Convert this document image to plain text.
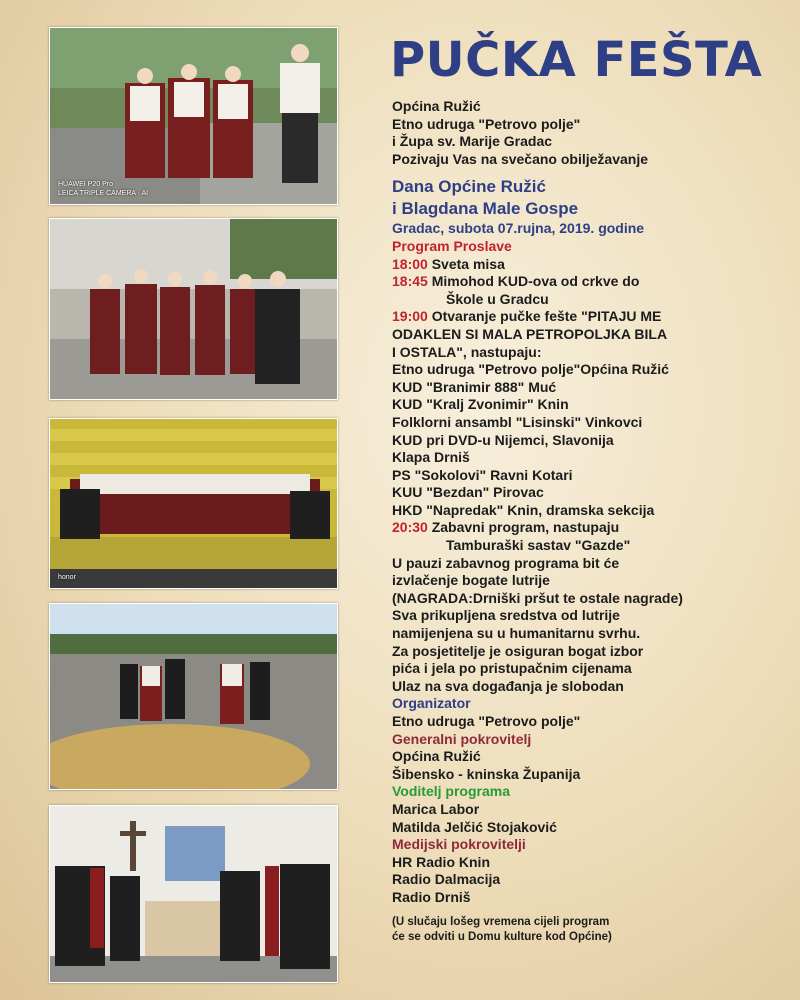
HUAWEI P20 Pro
LEICA TRIPLE CAMERA · AI
honor
PUČKA FEŠTA

Općina Ružić

Etno udruga "Petrovo polje"

i Župa sv. Marije Gradac

Pozivaju Vas na svečano obilježavanje

Dana Općine Ružić

i Blagdana Male Gospe

Gradac, subota 07.rujna, 2019. godine

Program Proslave

18:00 Sveta misa

18:45 Mimohod KUD-ova od crkve do

Škole u Gradcu

19:00 Otvaranje pučke fešte "PITAJU ME

ODAKLEN SI MALA PETROPOLJKA BILA

I OSTALA", nastupaju:

Etno udruga "Petrovo polje"Općina Ružić

KUD "Branimir 888" Muć

KUD "Kralj Zvonimir" Knin

Folklorni ansambl "Lisinski" Vinkovci

KUD pri DVD-u Nijemci, Slavonija

Klapa Drniš

PS "Sokolovi" Ravni Kotari

KUU "Bezdan" Pirovac

HKD "Napredak" Knin, dramska sekcija

20:30 Zabavni program, nastupaju

Tamburaški sastav "Gazde"

U pauzi zabavnog programa bit će

izvlačenje bogate lutrije

(NAGRADA:Drniški pršut te ostale nagrade)

Sva prikupljena sredstva od lutrije

namijenjena su u humanitarnu svrhu.

Za posjetitelje je osiguran bogat izbor

pića i jela po pristupačnim cijenama

Ulaz na sva događanja je slobodan

Organizator

Etno udruga "Petrovo polje"

Generalni pokrovitelj

Općina Ružić

Šibensko - kninska Županija

Voditelj programa

Marica Labor

Matilda Jelčić Stojaković

Medijski pokrovitelji

HR Radio Knin

Radio Dalmacija

Radio Drniš

(U slučaju lošeg vremena cijeli program

će se odviti u Domu kulture kod Općine)
